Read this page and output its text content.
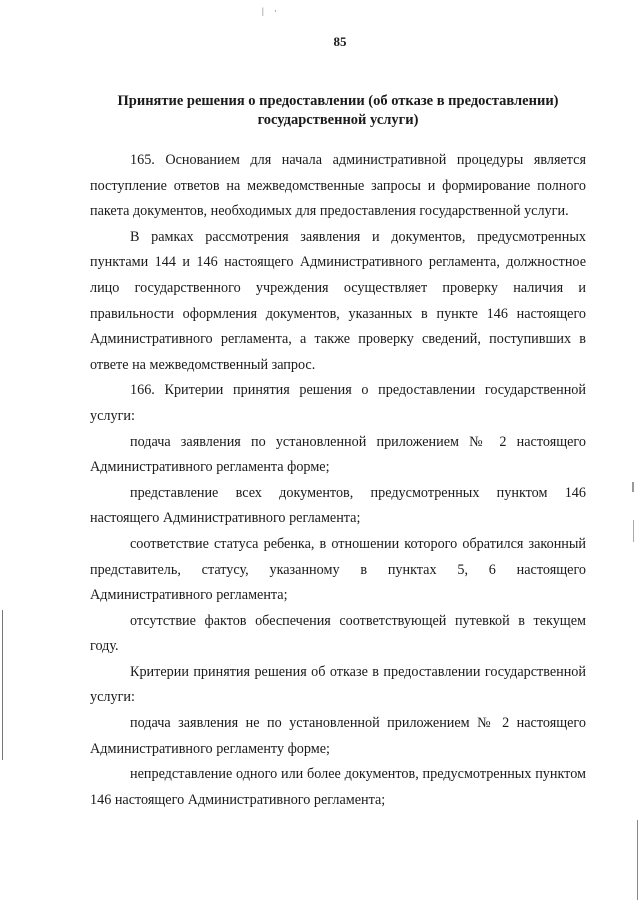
| ·
85
Принятие решения о предоставлении (об отказе в предоставлении)
государственной услуги)

165. Основанием для начала административной процедуры является поступление ответов на межведомственные запросы и формирование полного пакета документов, необходимых для предоставления государственной услуги.

В рамках рассмотрения заявления и документов, предусмотренных пунктами 144 и 146 настоящего Административного регламента, должностное лицо государственного учреждения осуществляет проверку наличия и правильности оформления документов, указанных в пункте 146 настоящего Административного регламента, а также проверку сведений, поступивших в ответе на межведомственный запрос.

166. Критерии принятия решения о предоставлении государственной услуги:

подача заявления по установленной приложением № 2 настоящего Административного регламента форме;

представление всех документов, предусмотренных пунктом 146 настоящего Административного регламента;

соответствие статуса ребенка, в отношении которого обратился законный представитель, статусу, указанному в пунктах 5, 6 настоящего Административного регламента;

отсутствие фактов обеспечения соответствующей путевкой в текущем году.

Критерии принятия решения об отказе в предоставлении государственной услуги:

подача заявления не по установленной приложением № 2 настоящего Административного регламенту форме;

непредставление одного или более документов, предусмотренных пунктом 146 настоящего Административного регламента;
